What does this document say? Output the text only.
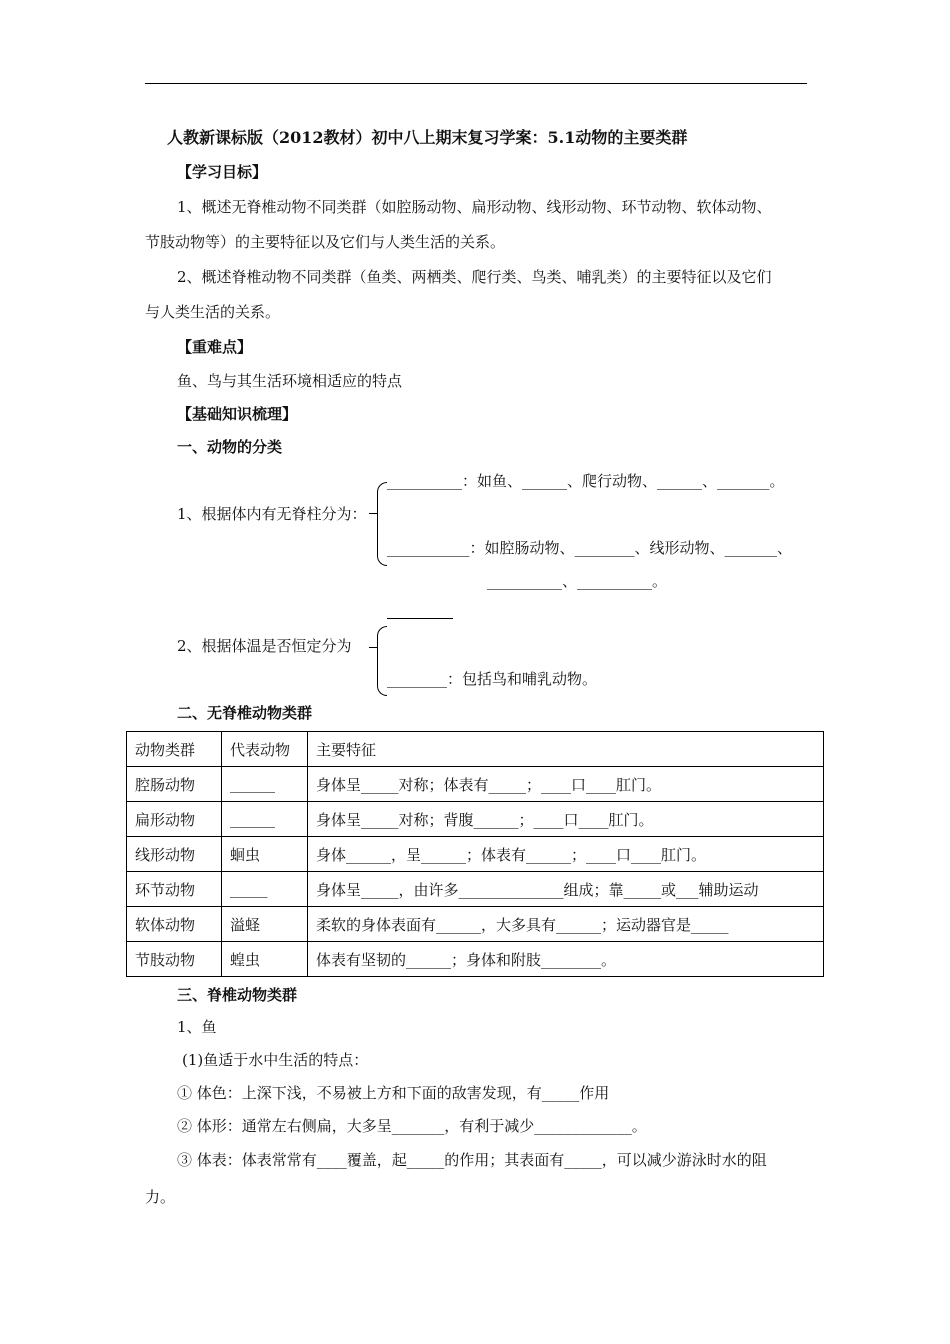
人教新课标版（2012教材）初中八上期末复习学案：5.1动物的主要类群
【学习目标】
1、概述无脊椎动物不同类群（如腔肠动物、扁形动物、线形动物、环节动物、软体动物、
节肢动物等）的主要特征以及它们与人类生活的关系。
2、概述脊椎动物不同类群（鱼类、两栖类、爬行类、鸟类、哺乳类）的主要特征以及它们
与人类生活的关系。
【重难点】
鱼、鸟与其生活环境相适应的特点
【基础知识梳理】
一、动物的分类
__________：如鱼、______、爬行动物、______、_______。
1、根据体内有无脊柱分为：
___________：如腔肠动物、________、线形动物、_______、
__________、__________。
2、根据体温是否恒定分为
________：包括鸟和哺乳动物。
二、无脊椎动物类群
动物类群	代表动物	主要特征
腔肠动物	______	身体呈_____对称；体表有_____；____口____肛门。
扁形动物	______	身体呈_____对称；背腹______；____口____肛门。
线形动物	蛔虫	身体______，呈______；体表有______；____口____肛门。
环节动物	_____	身体呈_____，由许多______________组成；靠_____或___辅助运动
软体动物	溢蛏	柔软的身体表面有______，大多具有______；运动器官是_____
节肢动物	蝗虫	体表有坚韧的______；身体和附肢________。
三、脊椎动物类群
1、鱼
(1)鱼适于水中生活的特点：
① 体色：上深下浅，不易被上方和下面的敌害发现，有_____作用
② 体形：通常左右侧扁，大多呈_______，有利于减少_____________。
③ 体表：体表常常有____覆盖，起_____的作用；其表面有_____，可以减少游泳时水的阻
力。
